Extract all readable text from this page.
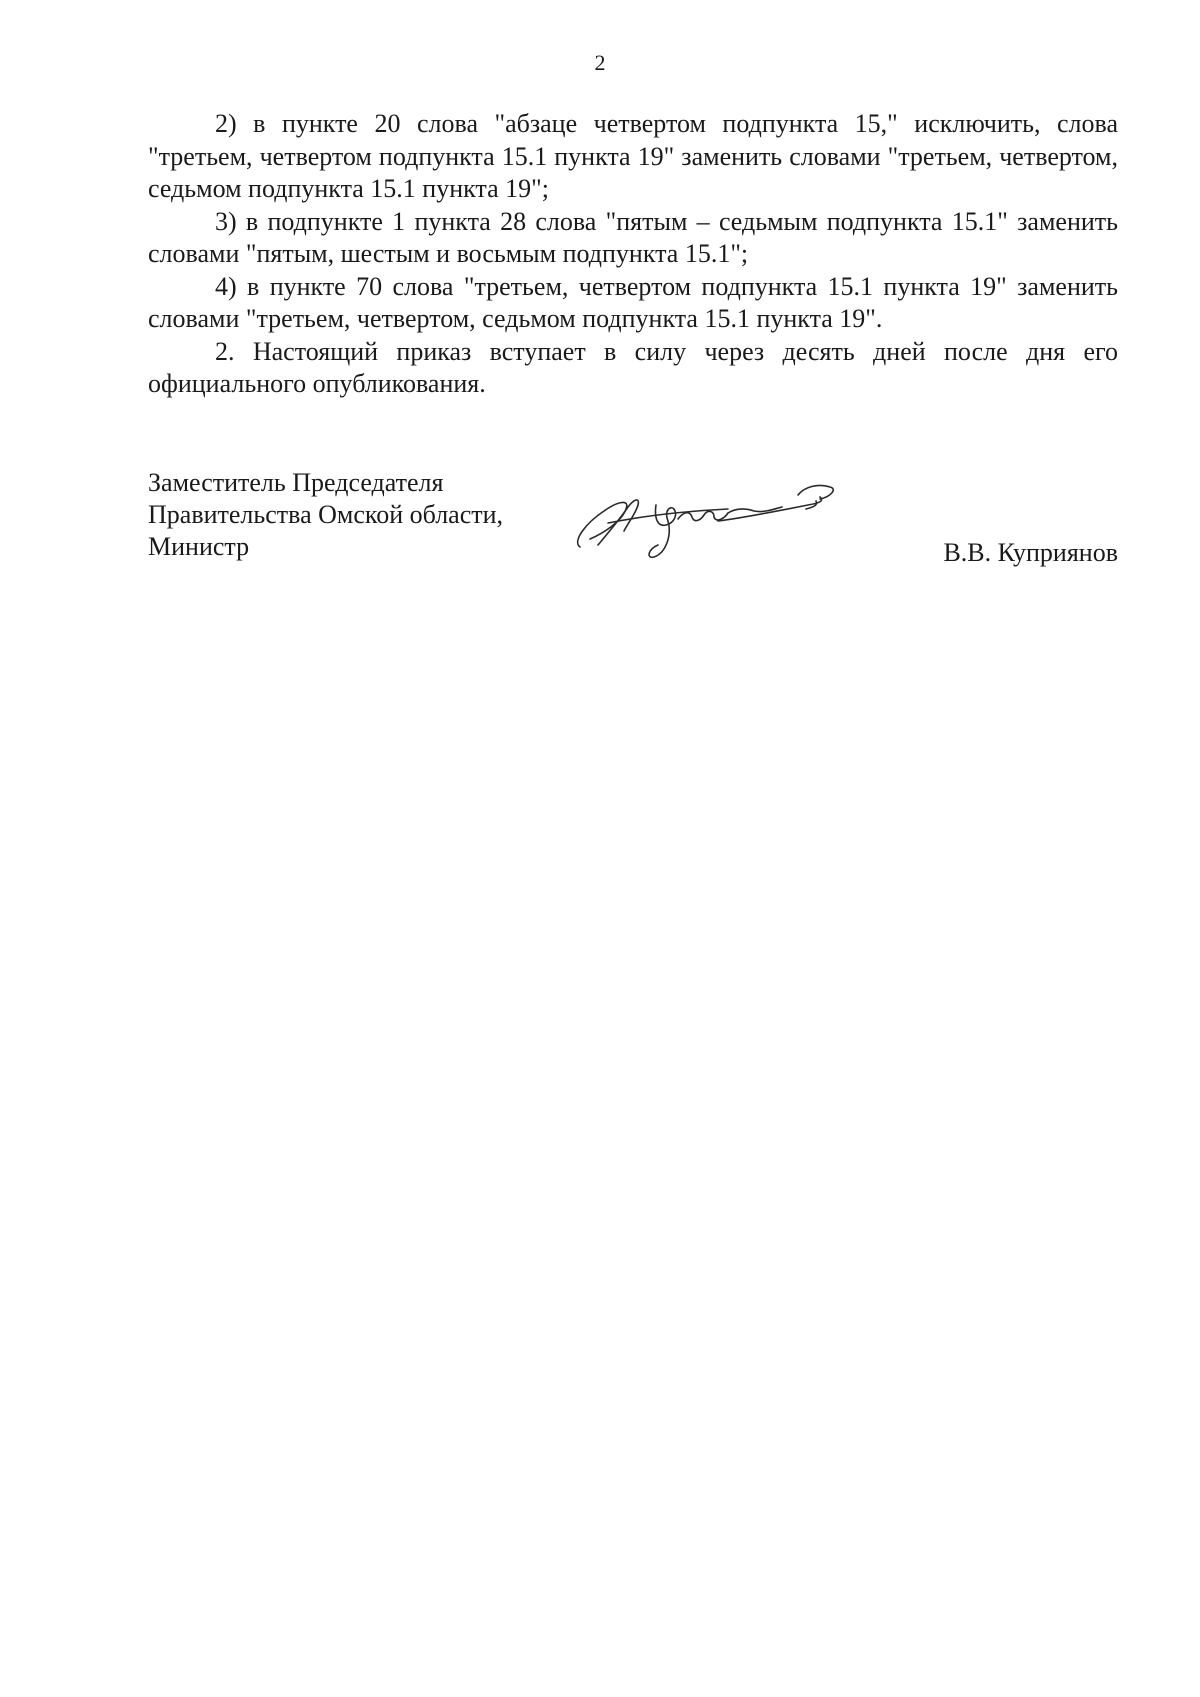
2

2) в пункте 20 слова "абзаце четвертом подпункта 15," исключить, слова "третьем, четвертом подпункта 15.1 пункта 19" заменить словами "третьем, четвертом, седьмом подпункта 15.1 пункта 19";

3) в подпункте 1 пункта 28 слова "пятым – седьмым подпункта 15.1" заменить словами "пятым, шестым и восьмым подпункта 15.1";

4) в пункте 70 слова "третьем, четвертом подпункта 15.1 пункта 19" заменить словами "третьем, четвертом, седьмом подпункта 15.1 пункта 19".

2. Настоящий приказ вступает в силу через десять дней после дня его официального опубликования.

Заместитель Председателя
Правительства Омской области,
Министр	В.В. Куприянов
